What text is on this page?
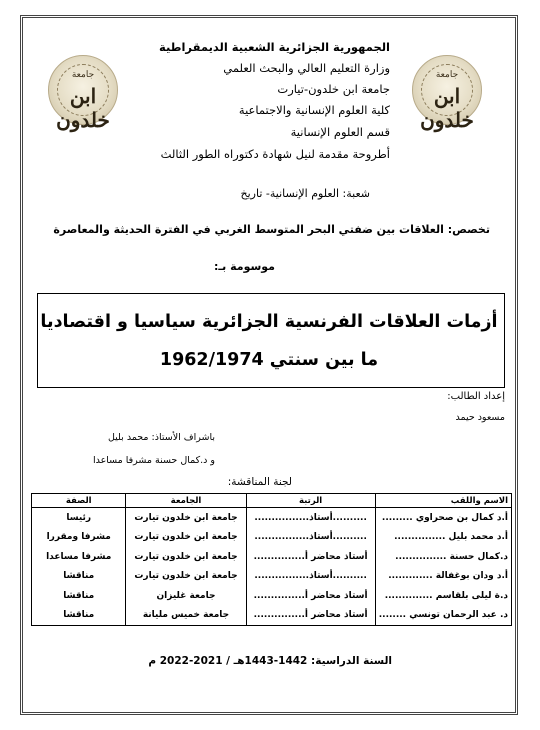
جامعة
ابن خلدون
جامعة
ابن خلدون
الجمهورية الجزائرية الشعبية الديمقراطية
وزارة التعليم العالي والبحث العلمي
جامعة ابن خلدون-تيارت
كلية العلوم الإنسانية والاجتماعية
قسم العلوم الإنسانية
أطروحة مقدمة لنيل شهادة دكتوراه الطور الثالث
شعبة: العلوم الإنسانية- تاريخ
تخصص: العلاقات بين ضفتي البحر المتوسط الغربي في الفترة الحديثة والمعاصرة
موسومة بـ:
أزمات العلاقات الفرنسية الجزائرية سياسيا و اقتصاديا
ما بين سنتي 1962/1974
إعداد الطالب:
مسعود حيمد
باشراف الأستاذ: محمد بليل
و د.كمال حسنة مشرفا مساعدا
لجنة المناقشة:
الاسم واللقب	الرتبة	الجامعة	الصفة
أ.د كمال بن صحراوي .........	..........أستاذ................	جامعة ابن خلدون تيارت	رئيسا
أ.د محمد بليل ...............	..........أستاذ................	جامعة ابن خلدون تيارت	مشرفا ومقررا
د.كمال حسنة ...............	أستاذ محاضر أ...............	جامعة ابن خلدون تيارت	مشرفا مساعدا
أ.د ودان بوغفالة .............	..........أستاذ................	جامعة ابن خلدون تيارت	مناقشا
د.ة ليلى بلقاسم ..............	أستاذ محاضر أ...............	جامعة غليزان	مناقشا
د. عبد الرحمان تونسي ........	أستاذ محاضر أ...............	جامعة خميس مليانة	مناقشا
السنة الدراسية: 1442-1443هـ / 2021-2022 م
